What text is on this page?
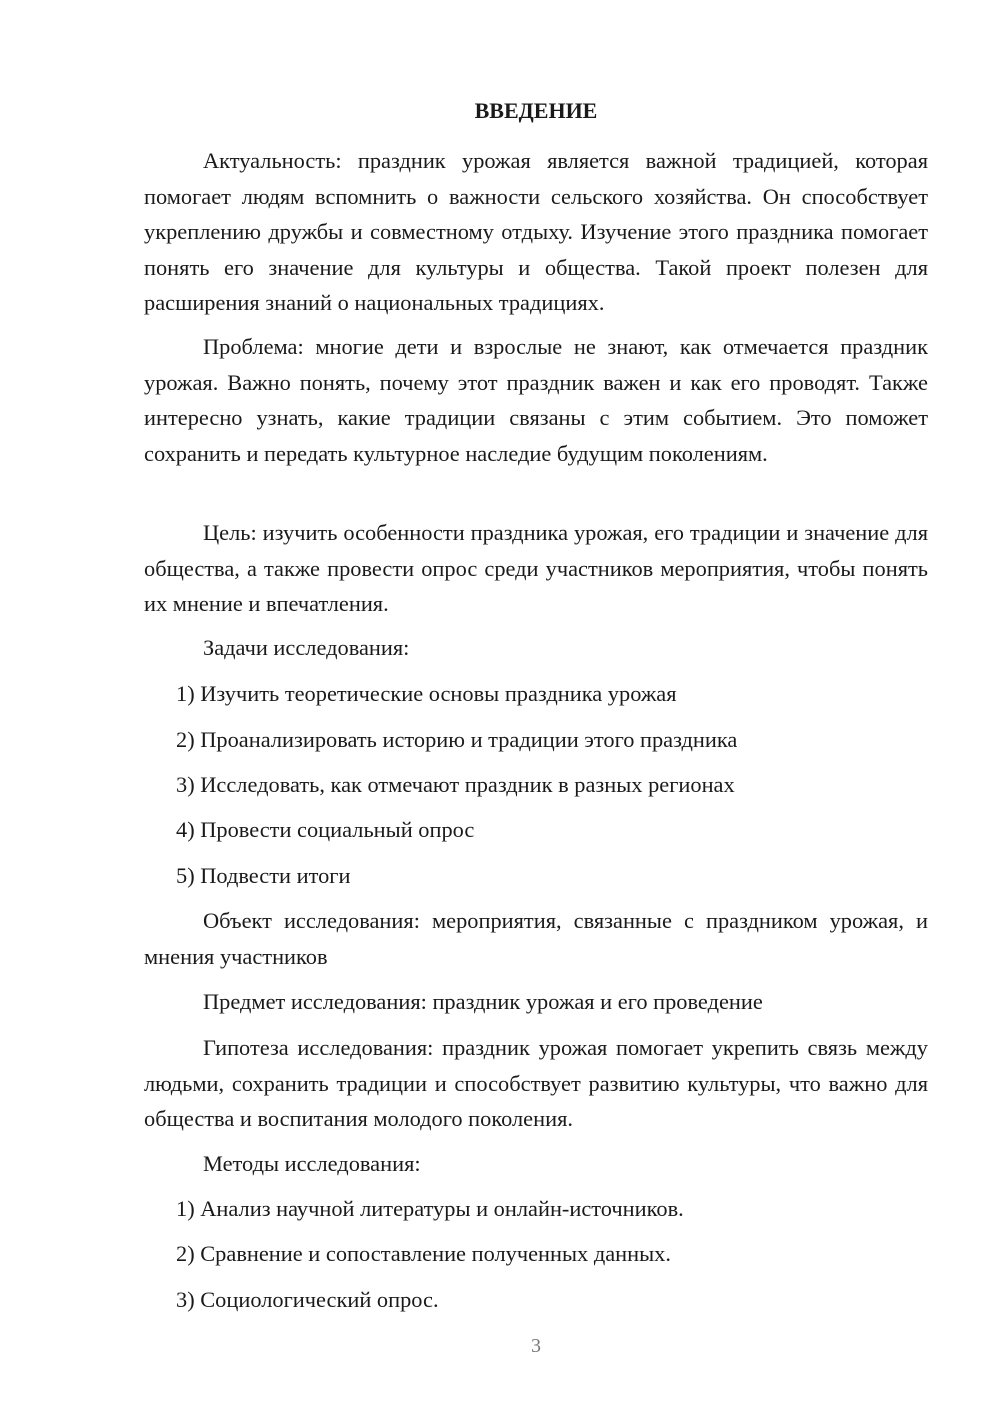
ВВЕДЕНИЕ
Актуальность: праздник урожая является важной традицией, которая помогает людям вспомнить о важности сельского хозяйства. Он способствует укреплению дружбы и совместному отдыху. Изучение этого праздника помогает понять его значение для культуры и общества. Такой проект полезен для расширения знаний о национальных традициях.
Проблема: многие дети и взрослые не знают, как отмечается праздник урожая. Важно понять, почему этот праздник важен и как его проводят. Также интересно узнать, какие традиции связаны с этим событием. Это поможет сохранить и передать культурное наследие будущим поколениям.
Цель: изучить особенности праздника урожая, его традиции и значение для общества, а также провести опрос среди участников мероприятия, чтобы понять их мнение и впечатления.
Задачи исследования:
1) Изучить теоретические основы праздника урожая
2) Проанализировать историю и традиции этого праздника
3) Исследовать, как отмечают праздник в разных регионах
4) Провести социальный опрос
5) Подвести итоги
Объект исследования: мероприятия, связанные с праздником урожая, и мнения участников
Предмет исследования: праздник урожая и его проведение
Гипотеза исследования: праздник урожая помогает укрепить связь между людьми, сохранить традиции и способствует развитию культуры, что важно для общества и воспитания молодого поколения.
Методы исследования:
1) Анализ научной литературы и онлайн-источников.
2) Сравнение и сопоставление полученных данных.
3) Социологический опрос.
3
